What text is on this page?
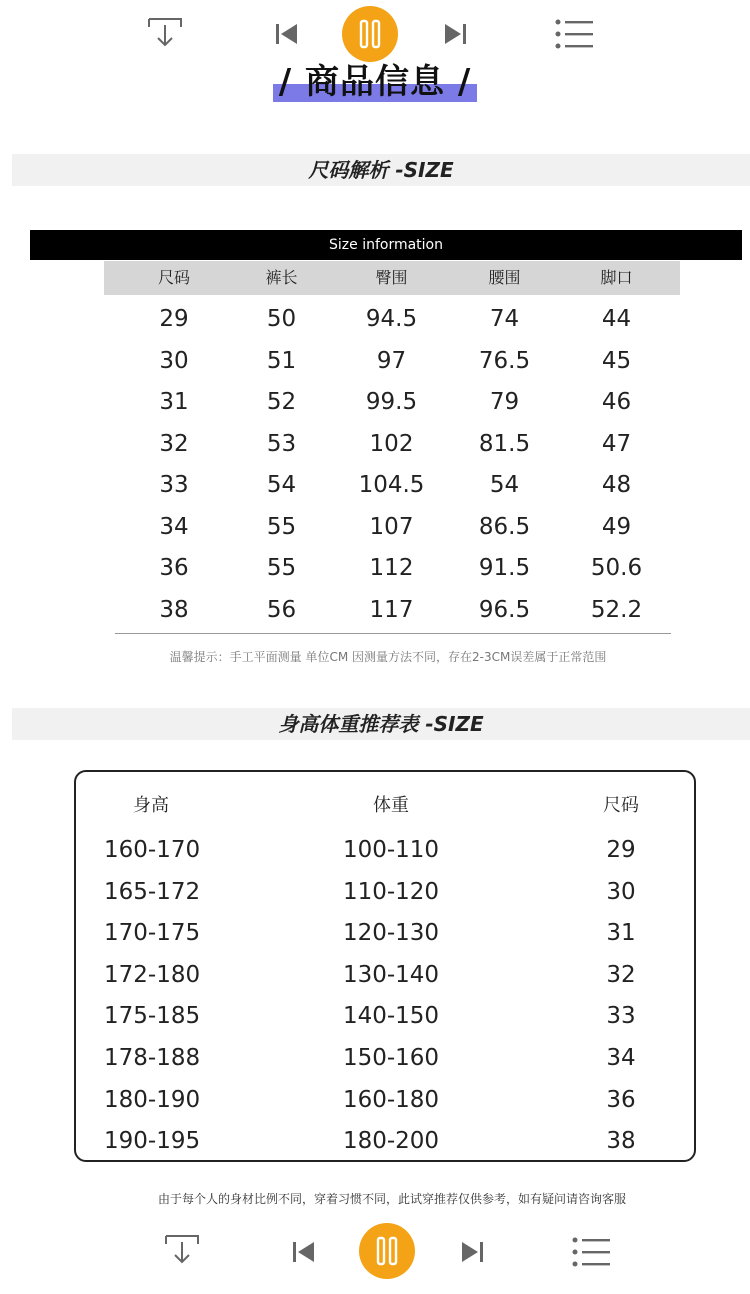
/ 商品信息 /
尺码解析 -SIZE
Size information
尺码	裤长	臀围	腰围	脚口
29	50	94.5	74	44
30	51	97	76.5	45
31	52	99.5	79	46
32	53	102	81.5	47
33	54	104.5	54	48
34	55	107	86.5	49
36	55	112	91.5	50.6
38	56	117	96.5	52.2
温馨提示：手工平面测量 单位CM 因测量方法不同，存在2-3CM误差属于正常范围
身高体重推荐表 -SIZE
身高	体重	尺码
160-170	100-110	29
165-172	110-120	30
170-175	120-130	31
172-180	130-140	32
175-185	140-150	33
178-188	150-160	34
180-190	160-180	36
190-195	180-200	38
由于每个人的身材比例不同，穿着习惯不同，此试穿推荐仅供参考，如有疑问请咨询客服
